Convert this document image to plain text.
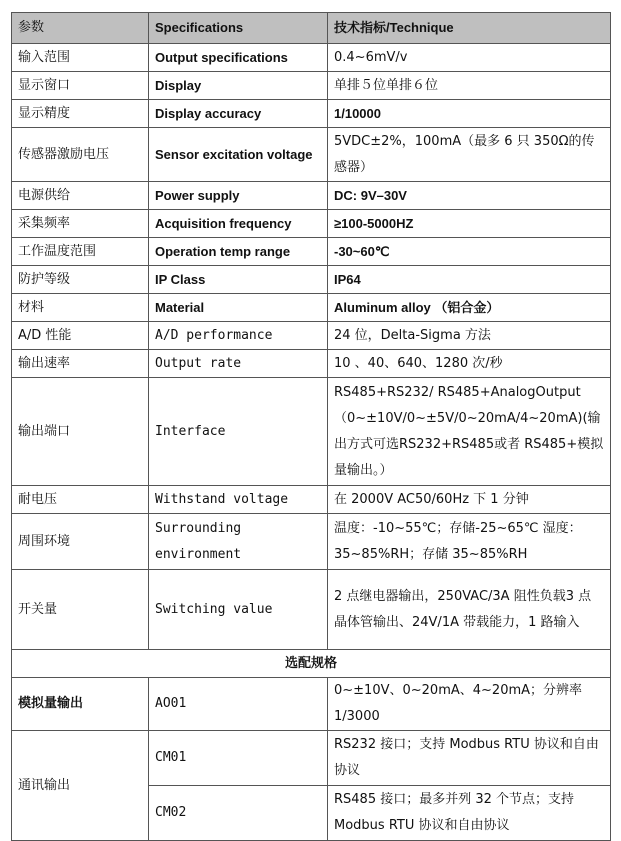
参数	Specifications	技术指标/Technique
输入范围	Output specifications	0.4~6mV/v
显示窗口	Display	单排５位单排６位
显示精度	Display accuracy	1/10000
传感器激励电压	Sensor excitation voltage	5VDC±2%，100mA（最多 6 只 350Ω的传感器）
电源供给	Power supply	DC: 9V–30V
采集频率	Acquisition frequency	≥100-5000HZ
工作温度范围	Operation temp range	-30~60℃
防护等级	IP Class	IP64
材料	Material	Aluminum alloy （铝合金）
A/D 性能	A/D performance	24 位，Delta-Sigma 方法
输出速率	Output rate	10 、40、640、1280 次/秒
输出端口	Interface	RS485+RS232/ RS485+AnalogOutput （0~±10V/0~±5V/0~20mA/4~20mA)(输出方式可选RS232+RS485或者 RS485+模拟量输出。）
耐电压	Withstand voltage	在 2000V AC50/60Hz 下 1 分钟
周围环境	Surrounding environment	温度：-10~55℃；存储-25~65℃ 湿度：35~85%RH；存储 35~85%RH
开关量	Switching value	2 点继电器输出，250VAC/3A 阻性负载3 点晶体管输出、24V/1A 带载能力，1 路输入
选配规格		
模拟量输出	AO01	0~±10V、0~20mA、4~20mA；分辨率 1/3000
通讯输出	CM01	RS232 接口；支持 Modbus RTU 协议和自由协议
	CM02	RS485 接口；最多并列 32 个节点；支持 Modbus RTU 协议和自由协议
